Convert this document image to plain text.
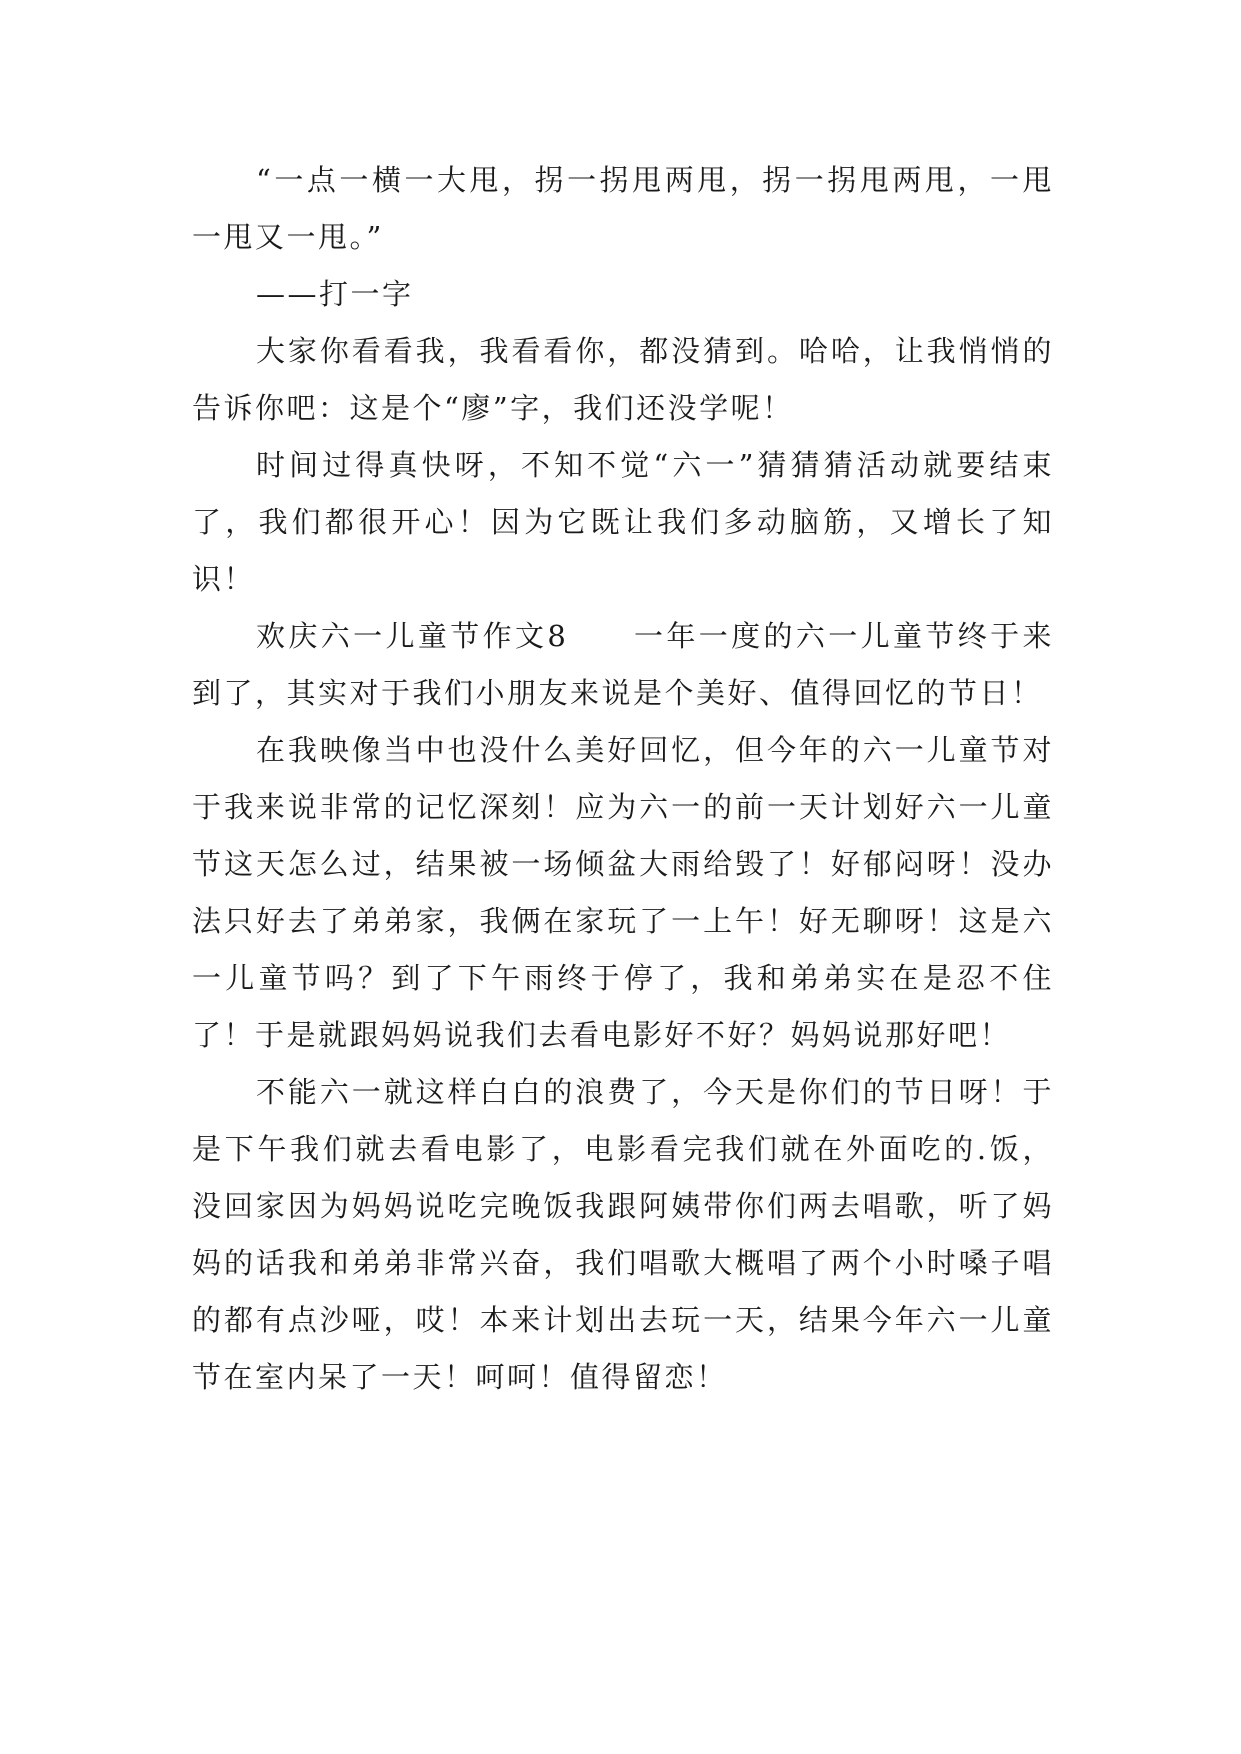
“一点一横一大甩，拐一拐甩两甩，拐一拐甩两甩，一甩一甩又一甩。”

——打一字

大家你看看我，我看看你，都没猜到。哈哈，让我悄悄的告诉你吧：这是个“廖”字，我们还没学呢！

时间过得真快呀，不知不觉“六一”猜猜猜活动就要结束了，我们都很开心！因为它既让我们多动脑筋，又增长了知识！

欢庆六一儿童节作文8　　一年一度的六一儿童节终于来到了，其实对于我们小朋友来说是个美好、值得回忆的节日！

在我映像当中也没什么美好回忆，但今年的六一儿童节对于我来说非常的记忆深刻！应为六一的前一天计划好六一儿童节这天怎么过，结果被一场倾盆大雨给毁了！好郁闷呀！没办法只好去了弟弟家，我俩在家玩了一上午！好无聊呀！这是六一儿童节吗？到了下午雨终于停了，我和弟弟实在是忍不住了！于是就跟妈妈说我们去看电影好不好？妈妈说那好吧！

不能六一就这样白白的浪费了，今天是你们的节日呀！于是下午我们就去看电影了，电影看完我们就在外面吃的.饭，没回家因为妈妈说吃完晚饭我跟阿姨带你们两去唱歌，听了妈妈的话我和弟弟非常兴奋，我们唱歌大概唱了两个小时嗓子唱的都有点沙哑，哎！本来计划出去玩一天，结果今年六一儿童节在室内呆了一天！呵呵！值得留恋！
